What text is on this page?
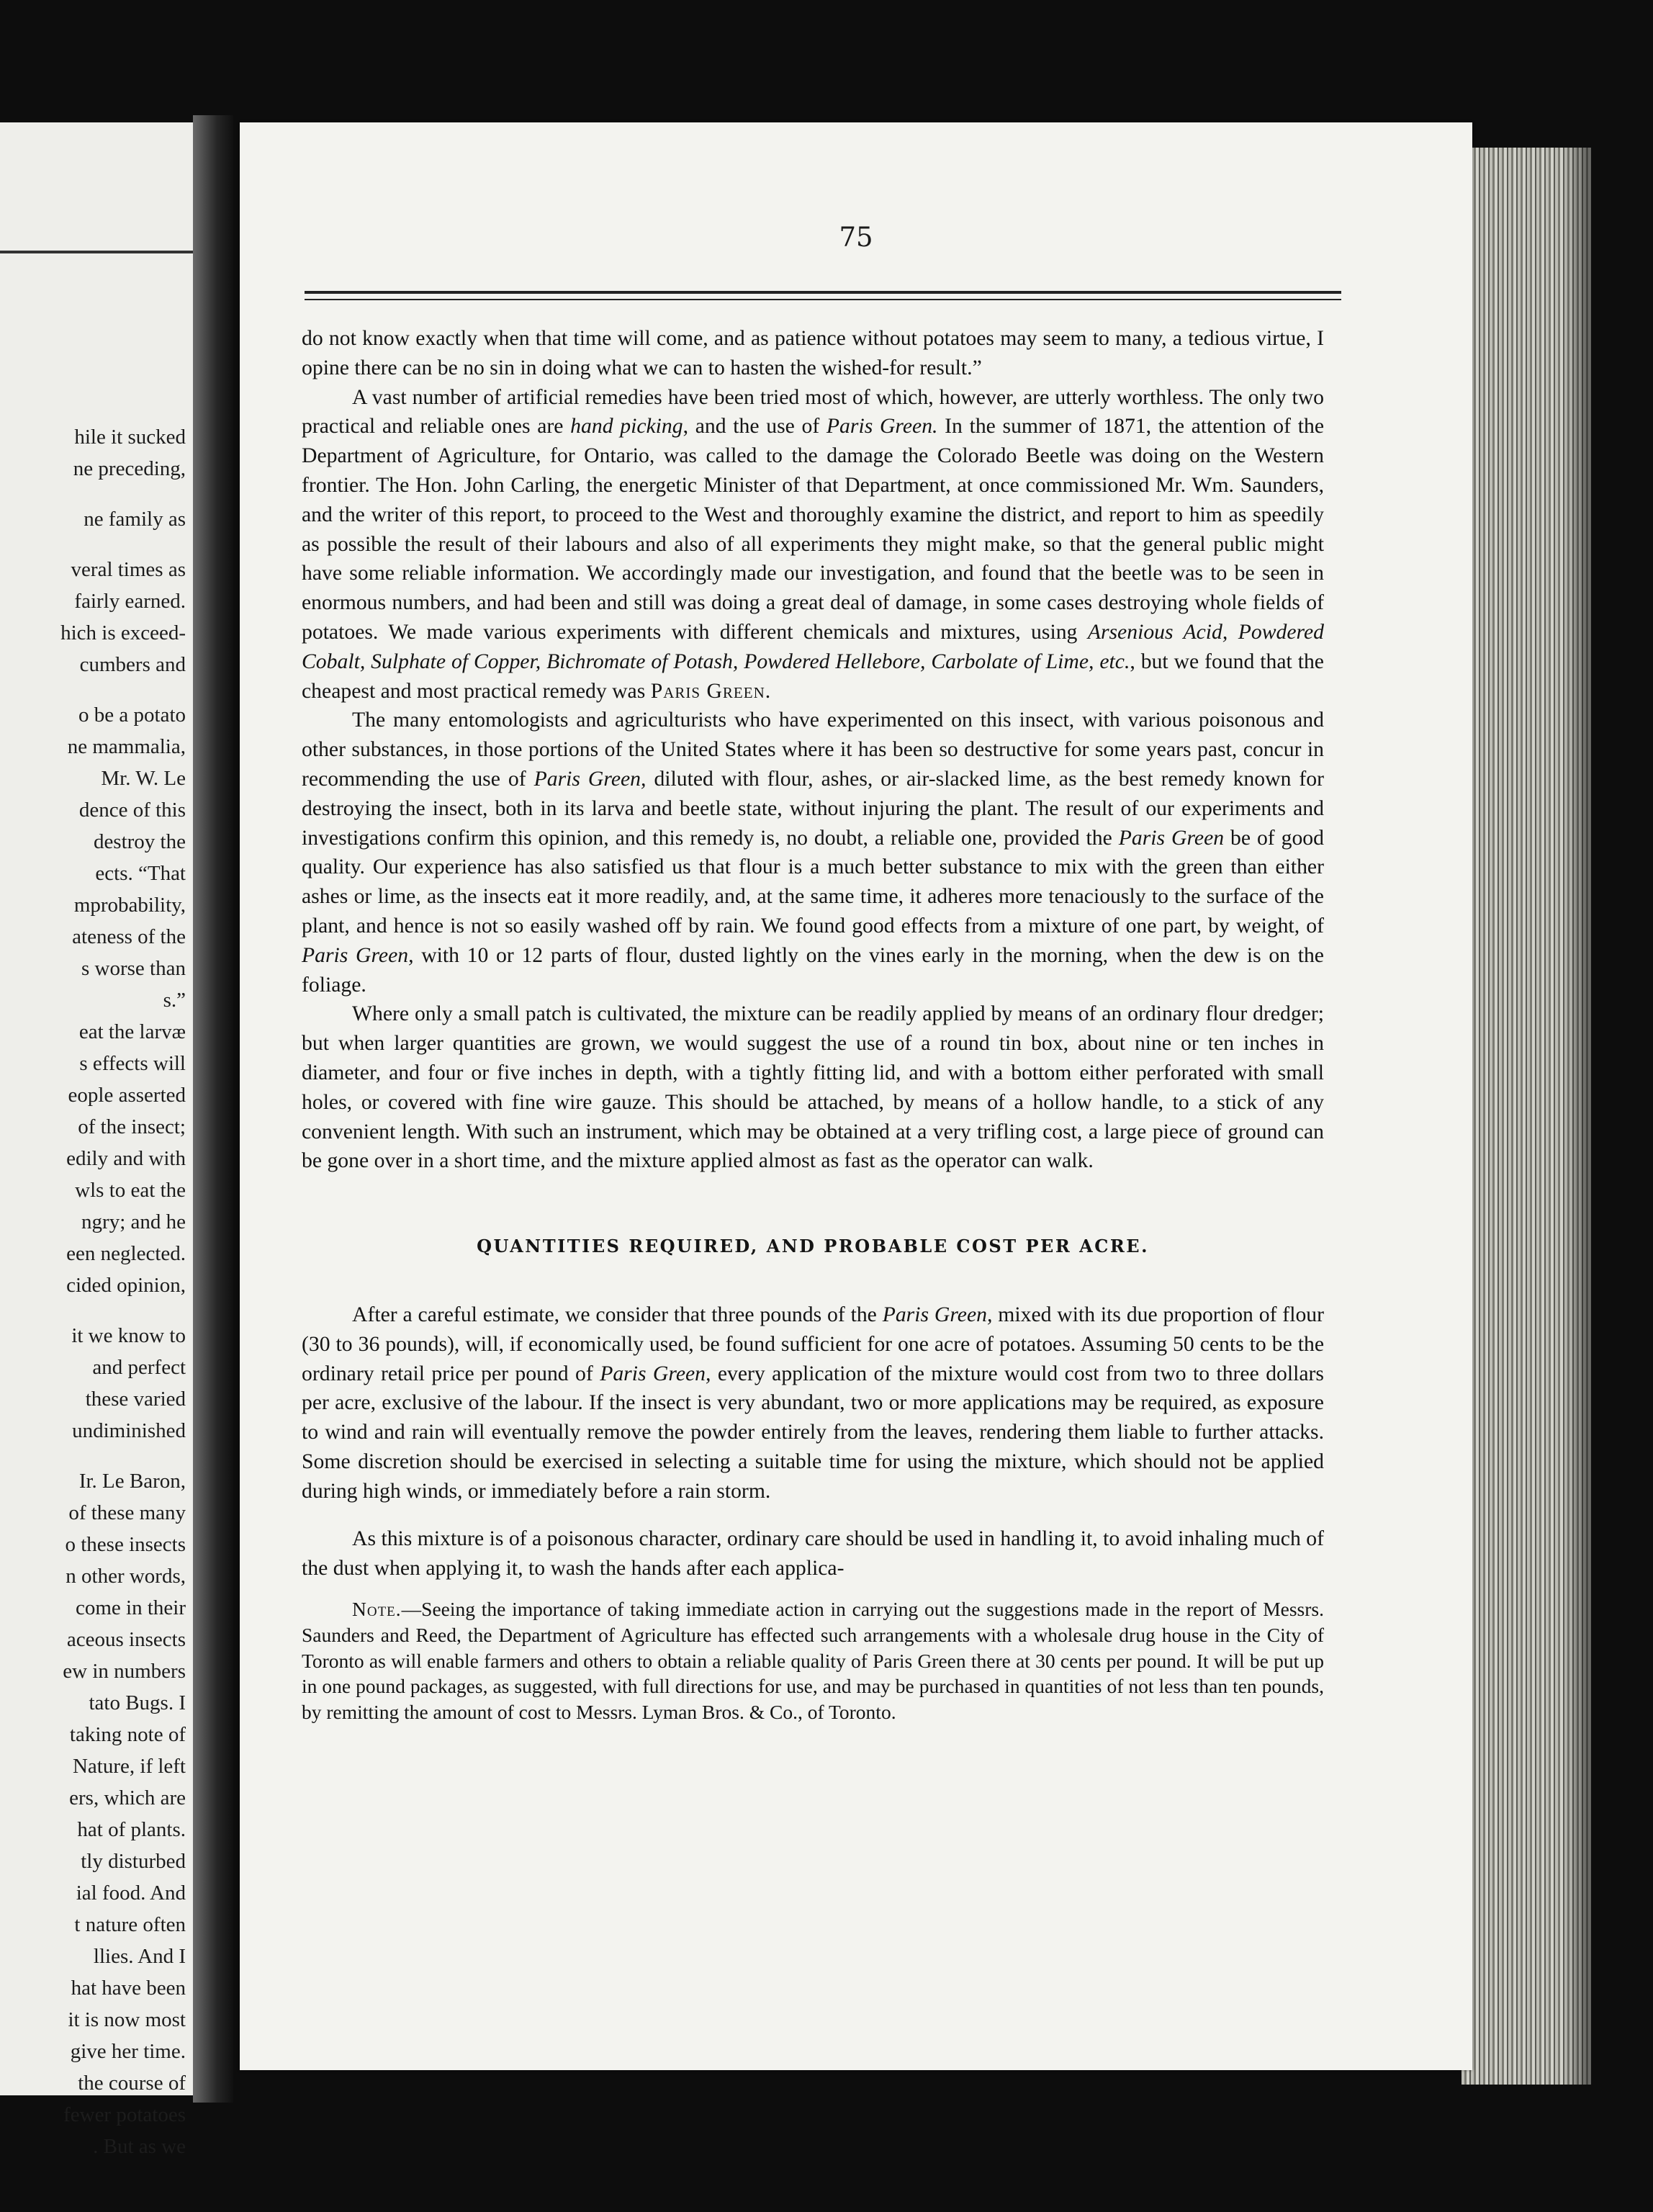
hile it sucked
ne preceding,
ne family as
veral times as
fairly earned.
hich is exceed-
cumbers and
o be a potato
ne mammalia,
Mr. W. Le
dence of this
destroy the
ects. “That
mprobability,
ateness of the
s worse than
s.”
eat the larvæ
s effects will
eople asserted
of the insect;
edily and with
wls to eat the
ngry; and he
een neglected.
cided opinion,
it we know to
and perfect
these varied
undiminished
Ir. Le Baron,
of these many
o these insects
n other words,
come in their
aceous insects
ew in numbers
tato Bugs. I
taking note of
Nature, if left
ers, which are
hat of plants.
tly disturbed
ial food. And
t nature often
llies. And I
hat have been
it is now most
give her time.
the course of
fewer potatoes
. But as we
75

do not know exactly when that time will come, and as patience without potatoes may seem to many, a tedious virtue, I opine there can be no sin in doing what we can to hasten the wished-for result.”

A vast number of artificial remedies have been tried most of which, however, are utterly worthless. The only two practical and reliable ones are hand picking, and the use of Paris Green. In the summer of 1871, the attention of the Department of Agriculture, for Ontario, was called to the damage the Colorado Beetle was doing on the Western frontier. The Hon. John Carling, the energetic Minister of that Department, at once commissioned Mr. Wm. Saunders, and the writer of this report, to proceed to the West and thoroughly examine the district, and report to him as speedily as possible the result of their labours and also of all experiments they might make, so that the general public might have some reliable information. We accordingly made our investigation, and found that the beetle was to be seen in enormous numbers, and had been and still was doing a great deal of damage, in some cases destroying whole fields of potatoes. We made various experiments with different chemicals and mixtures, using Arsenious Acid, Powdered Cobalt, Sulphate of Copper, Bichromate of Potash, Powdered Hellebore, Carbolate of Lime, etc., but we found that the cheapest and most practical remedy was Paris Green.

The many entomologists and agriculturists who have experimented on this insect, with various poisonous and other substances, in those portions of the United States where it has been so destructive for some years past, concur in recommending the use of Paris Green, diluted with flour, ashes, or air-slacked lime, as the best remedy known for destroying the insect, both in its larva and beetle state, without injuring the plant. The result of our experiments and investigations confirm this opinion, and this remedy is, no doubt, a reliable one, provided the Paris Green be of good quality. Our experience has also satisfied us that flour is a much better substance to mix with the green than either ashes or lime, as the insects eat it more readily, and, at the same time, it adheres more tenaciously to the surface of the plant, and hence is not so easily washed off by rain. We found good effects from a mixture of one part, by weight, of Paris Green, with 10 or 12 parts of flour, dusted lightly on the vines early in the morning, when the dew is on the foliage.

Where only a small patch is cultivated, the mixture can be readily applied by means of an ordinary flour dredger; but when larger quantities are grown, we would suggest the use of a round tin box, about nine or ten inches in diameter, and four or five inches in depth, with a tightly fitting lid, and with a bottom either perforated with small holes, or covered with fine wire gauze. This should be attached, by means of a hollow handle, to a stick of any convenient length. With such an instrument, which may be obtained at a very trifling cost, a large piece of ground can be gone over in a short time, and the mixture applied almost as fast as the operator can walk.

QUANTITIES REQUIRED, AND PROBABLE COST PER ACRE.

After a careful estimate, we consider that three pounds of the Paris Green, mixed with its due proportion of flour (30 to 36 pounds), will, if economically used, be found sufficient for one acre of potatoes. Assuming 50 cents to be the ordinary retail price per pound of Paris Green, every application of the mixture would cost from two to three dollars per acre, exclusive of the labour. If the insect is very abundant, two or more applications may be required, as exposure to wind and rain will eventually remove the powder entirely from the leaves, rendering them liable to further attacks. Some discretion should be exercised in selecting a suitable time for using the mixture, which should not be applied during high winds, or immediately before a rain storm.

As this mixture is of a poisonous character, ordinary care should be used in handling it, to avoid inhaling much of the dust when applying it, to wash the hands after each applica-

Note.—Seeing the importance of taking immediate action in carrying out the suggestions made in the report of Messrs. Saunders and Reed, the Department of Agriculture has effected such arrangements with a wholesale drug house in the City of Toronto as will enable farmers and others to obtain a reliable quality of Paris Green there at 30 cents per pound. It will be put up in one pound packages, as suggested, with full directions for use, and may be purchased in quantities of not less than ten pounds, by remitting the amount of cost to Messrs. Lyman Bros. & Co., of Toronto.
